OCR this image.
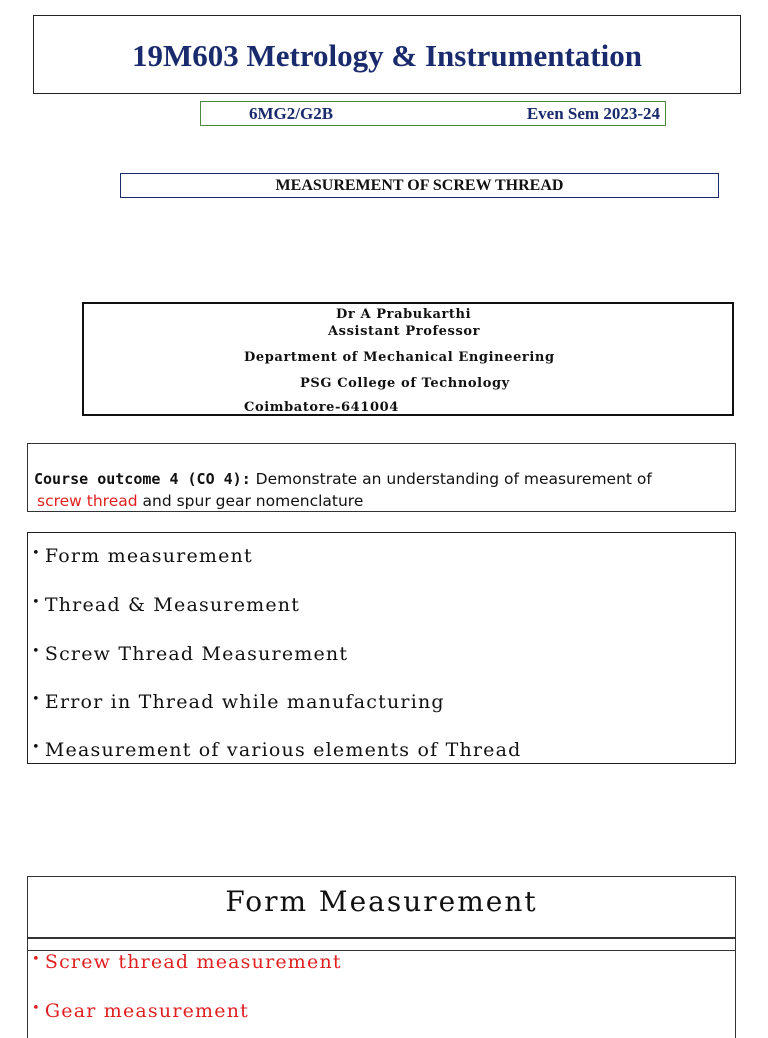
19M603 Metrology & Instrumentation
6MG2/G2B	Even Sem 2023-24
MEASUREMENT OF SCREW THREAD
Dr A Prabukarthi
Assistant Professor
Department of Mechanical Engineering
PSG College of Technology
Coimbatore-641004
Course outcome 4 (CO 4): Demonstrate an understanding of measurement of
screw thread and spur gear nomenclature
• Form measurement
• Thread & Measurement
• Screw Thread Measurement
• Error in Thread while manufacturing
• Measurement of various elements of Thread
Form Measurement
• Screw thread measurement
• Gear measurement
